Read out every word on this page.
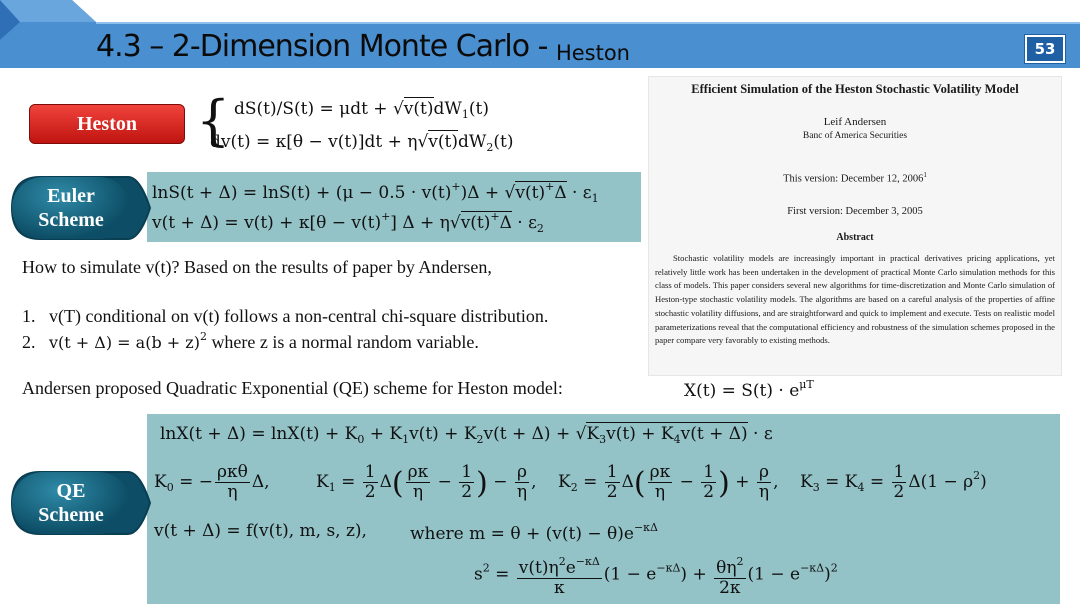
4.3 – 2-Dimension Monte Carlo - Heston	53
Heston	{ $dS(t)/S(t) = \mu dt + √v(t)dW_1(t)$
$dv(t) = \kappa[\theta - v(t)]dt + \eta√v(t)dW_2(t)$
Euler
Scheme
$\ln S(t + \Delta) = \ln S(t) + (\mu - 0.5 \cdot v(t)^+)\Delta + √v(t)^+\Delta \cdot \varepsilon_1$
v(t + Δ) = v(t) + κ[θ − v(t)+] $\Delta + \eta√v(t)^+\Delta \cdot \varepsilon_2$
How to simulate v(t)? Based on the results of paper by Andersen,
1. v(T) conditional on v(t) follows a non-central chi-square distribution.
2. $v(t + \Delta) = a(b + z)^2$ where z is a normal random variable.
Andersen proposed Quadratic Exponential (QE) scheme for Heston model:	$X(t) = S(t) \cdot e^{\mu T}$
Efficient Simulation of the Heston Stochastic Volatility Model
Leif Andersen
Banc of America Securities
This version: December 12, 2006$^1$
First version: December 3, 2005
Abstract
Stochastic volatility models are increasingly important in practical derivatives pricing applications, yet relatively little work has been undertaken in the development of practical Monte Carlo simulation methods for this class of models. This paper considers several new algorithms for time-discretization and Monte Carlo simulation of Heston-type stochastic volatility models. The algorithms are based on a careful analysis of the properties of affine stochastic volatility diffusions, and are straightforward and quick to implement and execute. Tests on realistic model parameterizations reveal that the computational efficiency and robustness of the simulation schemes proposed in the paper compare very favorably to existing methods.
QE
Scheme
$\ln X(t + \Delta) = \ln X(t) + K_0 + K_1v(t) + K_2v(t + \Delta) + √K_3v(t) + K_4v(t + \Delta) \cdot \varepsilon$
$K_0$ = − $\frac{\text{ρκθ}}{\eta} \Delta$,	$K_1 = \frac{1}{2} \Delta( \frac{\rho\kappa}{\eta} - \frac{1}{2}$ ) − $\frac{\rho}{\eta}$ , $K_2 = \frac{1}{2} \Delta( \frac{\rho\kappa}{\eta} - \frac{1}{2}$ ) + $\frac{\rho}{\eta}$ , $K_3 = K_4 = \frac{1}{2} \Delta(1 - \rho^2)$
v(t + Δ) = f(v(t), m, s, z),	where $m = \theta + (v(t) - \theta)e^{-\kappa\Delta}$
$s^2 = \frac{v(t)\eta^2e^{-\kappa\Delta}}{\kappa} (1 - e^{-\kappa\Delta}) + \frac{\theta\eta^2}{2\kappa} (1 - e^{-\kappa\Delta})^2$
